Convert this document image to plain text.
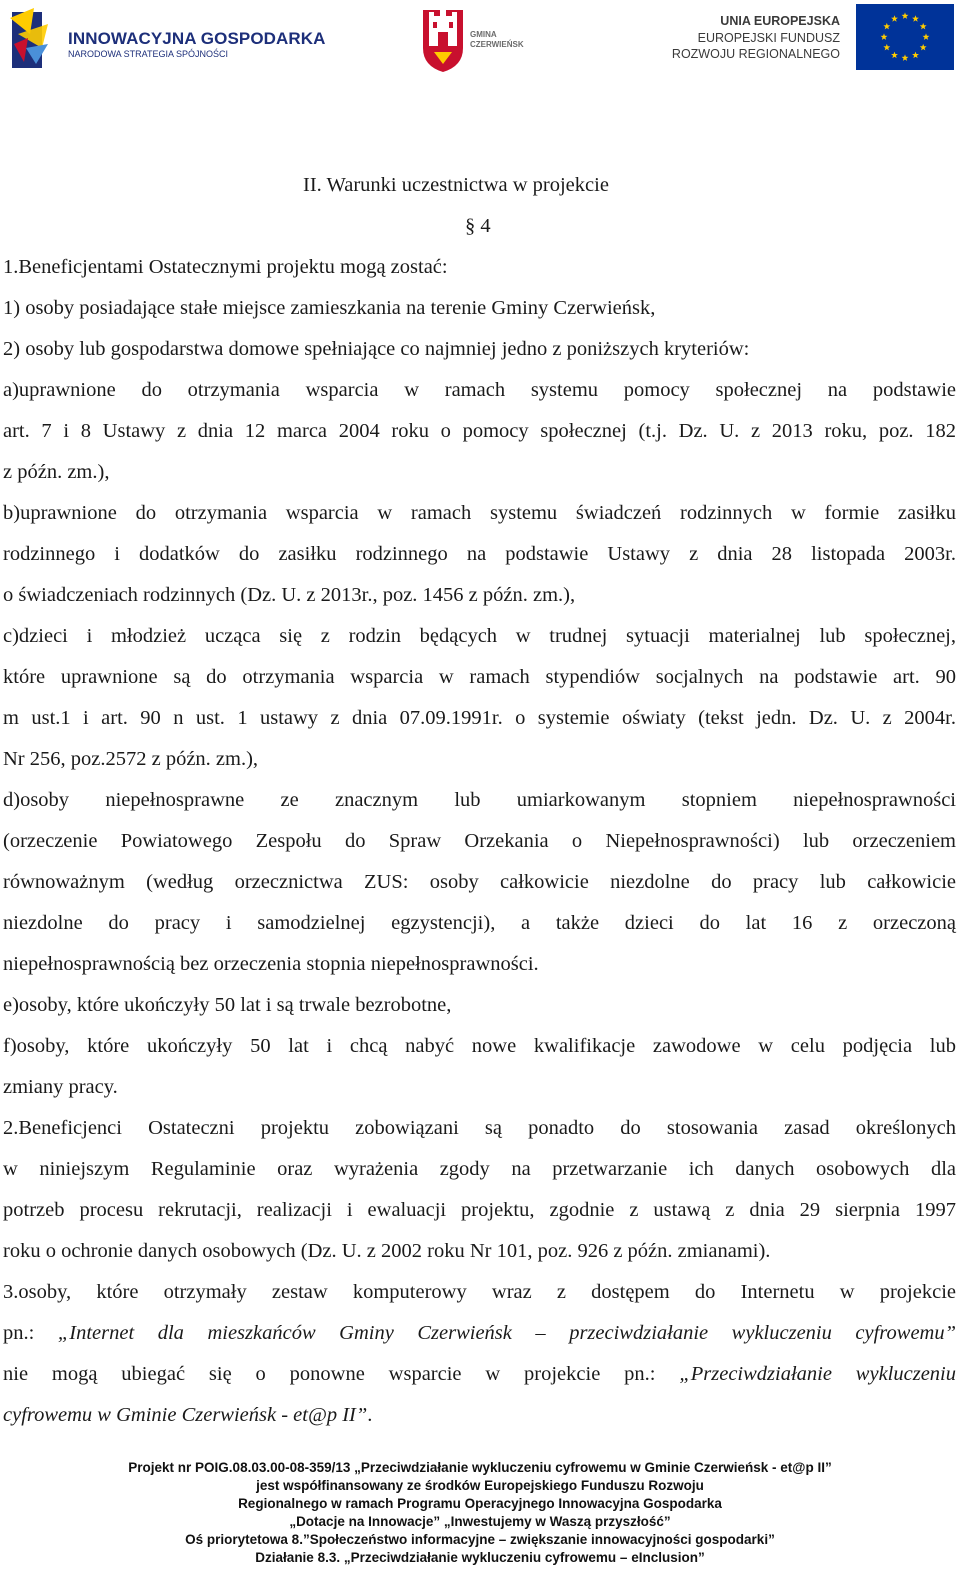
INNOWACYJNA GOSPODARKA
NARODOWA STRATEGIA SPÓJNOŚCI
GMINA
CZERWIEŃSK
UNIA EUROPEJSKA
EUROPEJSKI FUNDUSZ
ROZWOJU REGIONALNEGO
II. Warunki uczestnictwa w projekcie
§ 4
1.Beneficjentami Ostatecznymi projektu mogą zostać:
1) osoby posiadające stałe miejsce zamieszkania na terenie Gminy Czerwieńsk,
2) osoby lub gospodarstwa domowe spełniające co najmniej jedno z poniższych kryteriów:
a)uprawnione do otrzymania wsparcia w ramach systemu pomocy społecznej na podstawie
art. 7 i 8 Ustawy z dnia 12 marca 2004 roku o pomocy społecznej (t.j. Dz. U. z 2013 roku, poz. 182
z późn. zm.),
b)uprawnione do otrzymania wsparcia w ramach systemu świadczeń rodzinnych w formie zasiłku
rodzinnego i dodatków do zasiłku rodzinnego na podstawie Ustawy z dnia 28 listopada 2003r.
o świadczeniach rodzinnych (Dz. U. z 2013r., poz. 1456 z późn. zm.),
c)dzieci i młodzież ucząca się z rodzin będących w trudnej sytuacji materialnej lub społecznej,
które uprawnione są do otrzymania wsparcia w ramach stypendiów socjalnych na podstawie art. 90
m ust.1 i art. 90 n ust. 1 ustawy z dnia 07.09.1991r. o systemie oświaty (tekst jedn. Dz. U. z 2004r.
Nr 256, poz.2572 z późn. zm.),
d)osoby niepełnosprawne ze znacznym lub umiarkowanym stopniem niepełnosprawności
(orzeczenie Powiatowego Zespołu do Spraw Orzekania o Niepełnosprawności) lub orzeczeniem
równoważnym (według orzecznictwa ZUS: osoby całkowicie niezdolne do pracy lub całkowicie
niezdolne do pracy i samodzielnej egzystencji), a także dzieci do lat 16 z orzeczoną
niepełnosprawnością bez orzeczenia stopnia niepełnosprawności.
e)osoby, które ukończyły 50 lat i są trwale bezrobotne,
f)osoby, które ukończyły 50 lat i chcą nabyć nowe kwalifikacje zawodowe w celu podjęcia lub
zmiany pracy.
2.Beneficjenci Ostateczni projektu zobowiązani są ponadto do stosowania zasad określonych
w niniejszym Regulaminie oraz wyrażenia zgody na przetwarzanie ich danych osobowych dla
potrzeb procesu rekrutacji, realizacji i ewaluacji projektu, zgodnie z ustawą z dnia 29 sierpnia 1997
roku o ochronie danych osobowych (Dz. U. z 2002 roku Nr 101, poz. 926 z późn. zmianami).
3.osoby, które otrzymały zestaw komputerowy wraz z dostępem do Internetu w projekcie
pn.: „Internet dla mieszkańców Gminy Czerwieńsk – przeciwdziałanie wykluczeniu cyfrowemu”
nie mogą ubiegać się o ponowne wsparcie w projekcie pn.: „Przeciwdziałanie wykluczeniu
cyfrowemu w Gminie Czerwieńsk - et@p II”.
Projekt nr POIG.08.03.00-08-359/13 „Przeciwdziałanie wykluczeniu cyfrowemu w Gminie Czerwieńsk - et@p II”
jest współfinansowany ze środków Europejskiego Funduszu Rozwoju
Regionalnego w ramach Programu Operacyjnego Innowacyjna Gospodarka
„Dotacje na Innowacje” „Inwestujemy w Waszą przyszłość”
Oś priorytetowa 8.”Społeczeństwo informacyjne – zwiększanie innowacyjności gospodarki”
Działanie 8.3. „Przeciwdziałanie wykluczeniu cyfrowemu – eInclusion”
